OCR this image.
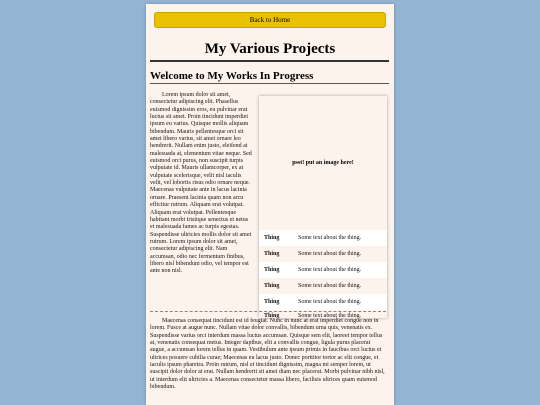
Back to Home
My Various Projects
Welcome to My Works In Progress

Lorem ipsum dolor sit amet, consectetur adipiscing elit. Phasellus euismod dignissim eros, eu pulvinar erat luctus sit amet. Proin tincidunt imperdiet ipsum eu varius. Quisque mollis aliquam bibendum. Mauris pellentesque orci sit amet libero varius, sit amet ornare leo hendrerit. Nullam enim justo, eleifend at malesuada at, elementum vitae neque. Sed euismod orci purus, non suscipit turpis vulputate id. Mauris ullamcorper, ex at vulputate scelerisque, velit nisl iaculis velit, vel lobortis risus odio ornare neque. Maecenas vulputate ante in lacus lacinia ornare. Praesent lacinia quam non arcu efficitur rutrum. Aliquam erat volutpat. Aliquam erat volutpat. Pellentesque habitant morbi tristique senectus et netus et malesuada fames ac turpis egestas. Suspendisse ultricies mollis dolor sit amet rutrum. Lorem ipsum dolor sit amet, consectetur adipiscing elit. Nam accumsan, odio nec fermentum finibus, libero nisl bibendum odio, vel tempor est ante non nisl.

psst! put an image here!
Thing	Some text about the thing.
Thing	Some text about the thing.
Thing	Some text about the thing.
Thing	Some text about the thing.
Thing	Some text about the thing.
Thing	Some text about the thing.

Maecenas consequat tincidunt est id feugiat. Nunc in nunc at erat imperdiet congue non in lorem. Fusce at augue nunc. Nullam vitae dolor convallis, bibendum urna quis, venenatis ex. Suspendisse varius orci interdum massa luctus accumsan. Quisque sem elit, laoreet tempor tellus at, venenatis consequat metus. Integer dapibus, elit a convallis congue, ligula purus placerat augue, a accumsan lorem tellus in quam. Vestibulum ante ipsum primis in faucibus orci luctus et ultrices posuere cubilia curae; Maecenas eu lacus justo. Donec porttitor tortor ac elit congue, et iaculis ipsum pharetra. Proin rutrum, nisl et tincidunt dignissim, magna mi semper lorem, ut suscipit dolor dolor at erat. Nullam hendrerit sit amet diam nec placerat. Morbi pulvinar nibh nisl, ut interdum elit ultricies a. Maecenas consectetur massa libero, facilisis ultrices quam euismod bibendum.
